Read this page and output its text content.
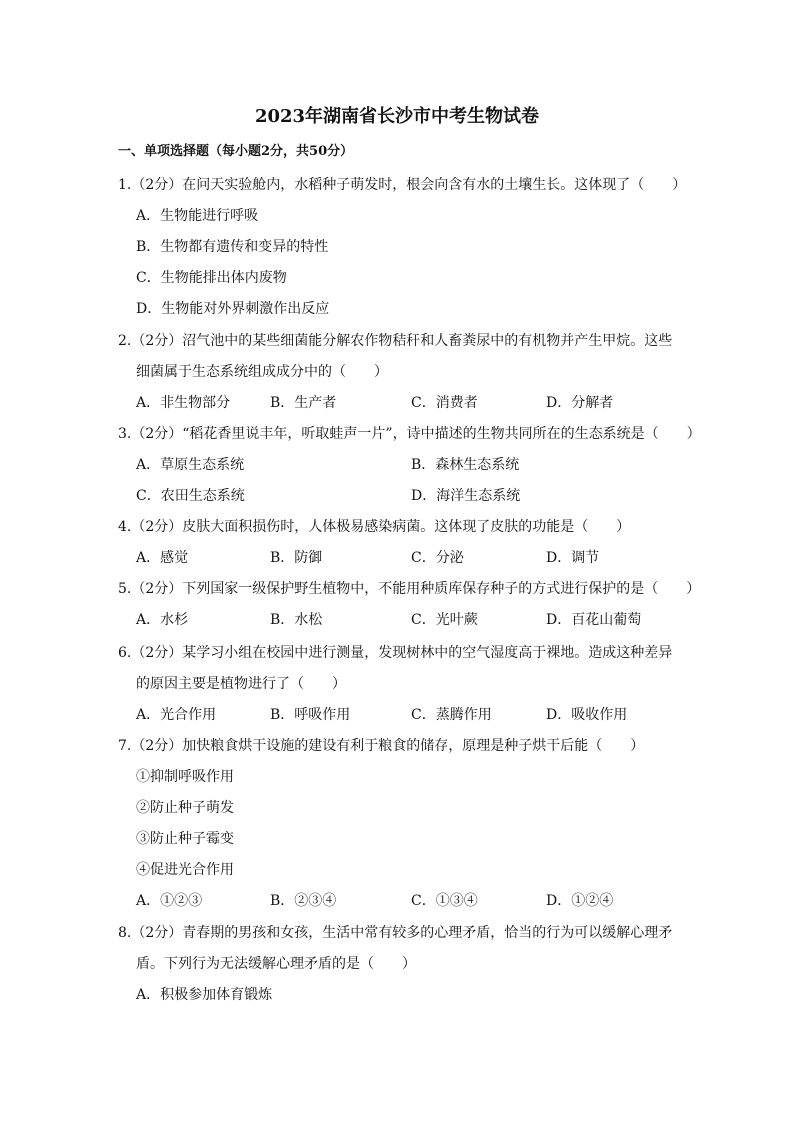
2023年湖南省长沙市中考生物试卷
一、单项选择题（每小题2分，共50分）
1.（2分）在问天实验舱内，水稻种子萌发时，根会向含有水的土壤生长。这体现了（　　）
A．生物能进行呼吸
B．生物都有遗传和变异的特性
C．生物能排出体内废物
D．生物能对外界刺激作出反应
2.（2分）沼气池中的某些细菌能分解农作物秸秆和人畜粪尿中的有机物并产生甲烷。这些
细菌属于生态系统组成成分中的（　　）
A．非生物部分	B．生产者	C．消费者	D．分解者
3.（2分）“稻花香里说丰年，听取蛙声一片”，诗中描述的生物共同所在的生态系统是（　　）
A．草原生态系统	B．森林生态系统
C．农田生态系统	D．海洋生态系统
4.（2分）皮肤大面积损伤时，人体极易感染病菌。这体现了皮肤的功能是（　　）
A．感觉	B．防御	C．分泌	D．调节
5.（2分）下列国家一级保护野生植物中，不能用种质库保存种子的方式进行保护的是（　　）
A．水杉	B．水松	C．光叶蕨	D．百花山葡萄
6.（2分）某学习小组在校园中进行测量，发现树林中的空气湿度高于裸地。造成这种差异
的原因主要是植物进行了（　　）
A．光合作用	B．呼吸作用	C．蒸腾作用	D．吸收作用
7.（2分）加快粮食烘干设施的建设有利于粮食的储存，原理是种子烘干后能（　　）
①抑制呼吸作用
②防止种子萌发
③防止种子霉变
④促进光合作用
A．①②③	B．②③④	C．①③④	D．①②④
8.（2分）青春期的男孩和女孩，生活中常有较多的心理矛盾，恰当的行为可以缓解心理矛
盾。下列行为无法缓解心理矛盾的是（　　）
A．积极参加体育锻炼
